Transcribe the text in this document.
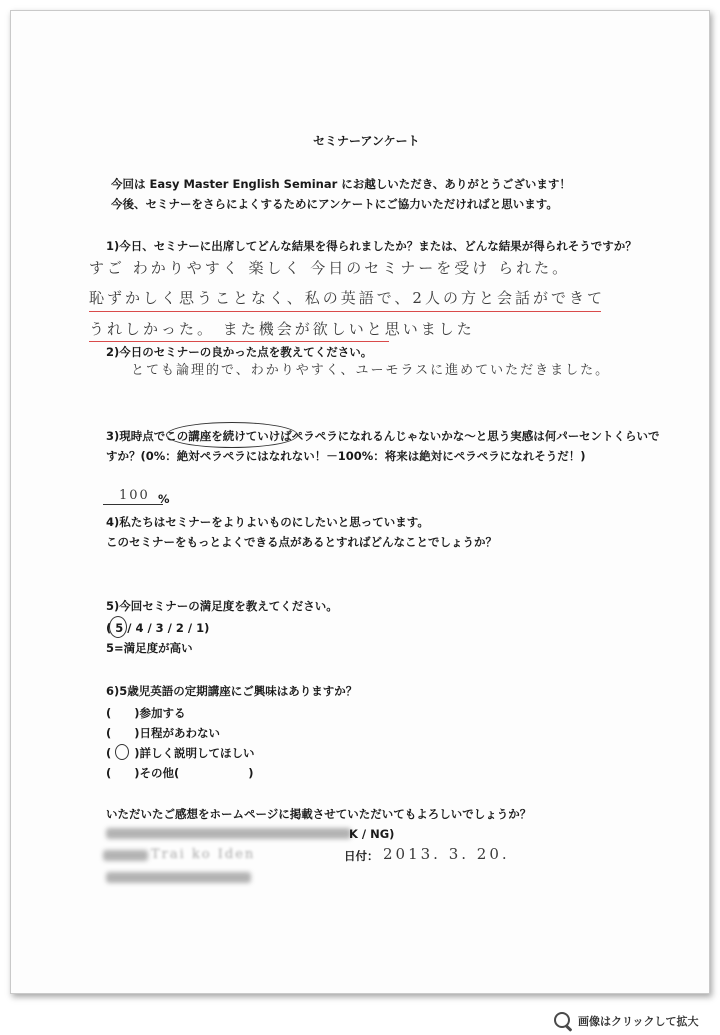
セミナーアンケート
今回は Easy Master English Seminar にお越しいただき、ありがとうございます！
今後、セミナーをさらによくするためにアンケートにご協力いただければと思います。
1)今日、セミナーに出席してどんな結果を得られましたか？または、どんな結果が得られそうですか？
すご わかりやすく 楽しく 今日のセミナーを受け られた。
恥ずかしく思うことなく、私の英語で、2人の方と会話ができて
うれしかった。 また機会が欲しいと思いました
2)今日のセミナーの良かった点を教えてください。
とても論理的で、わかりやすく、ユーモラスに進めていただきました。
3)現時点でこの講座を続けていけばペラペラになれるんじゃないかな〜と思う実感は何パーセントくらいで
すか？(0%：絶対ペラペラにはなれない！－100%：将来は絶対にペラペラになれそうだ！)
100 %
4)私たちはセミナーをよりよいものにしたいと思っています。
このセミナーをもっとよくできる点があるとすればどんなことでしょうか？
5)今回セミナーの満足度を教えてください。
( 5 / 4 / 3 / 2 / 1)
5=満足度が高い
6)5歳児英語の定期講座にご興味はありますか？
(　　)参加する
(　　)日程があわない
(　　)詳しく説明してほしい
(　　)その他(　　　　　　)
いただいたご感想をホームページに掲載させていただいてもよろしいでしょうか？
K / NG)
Trai ko Iden	日付： 2013. 3. 20.
画像はクリックして拡大
